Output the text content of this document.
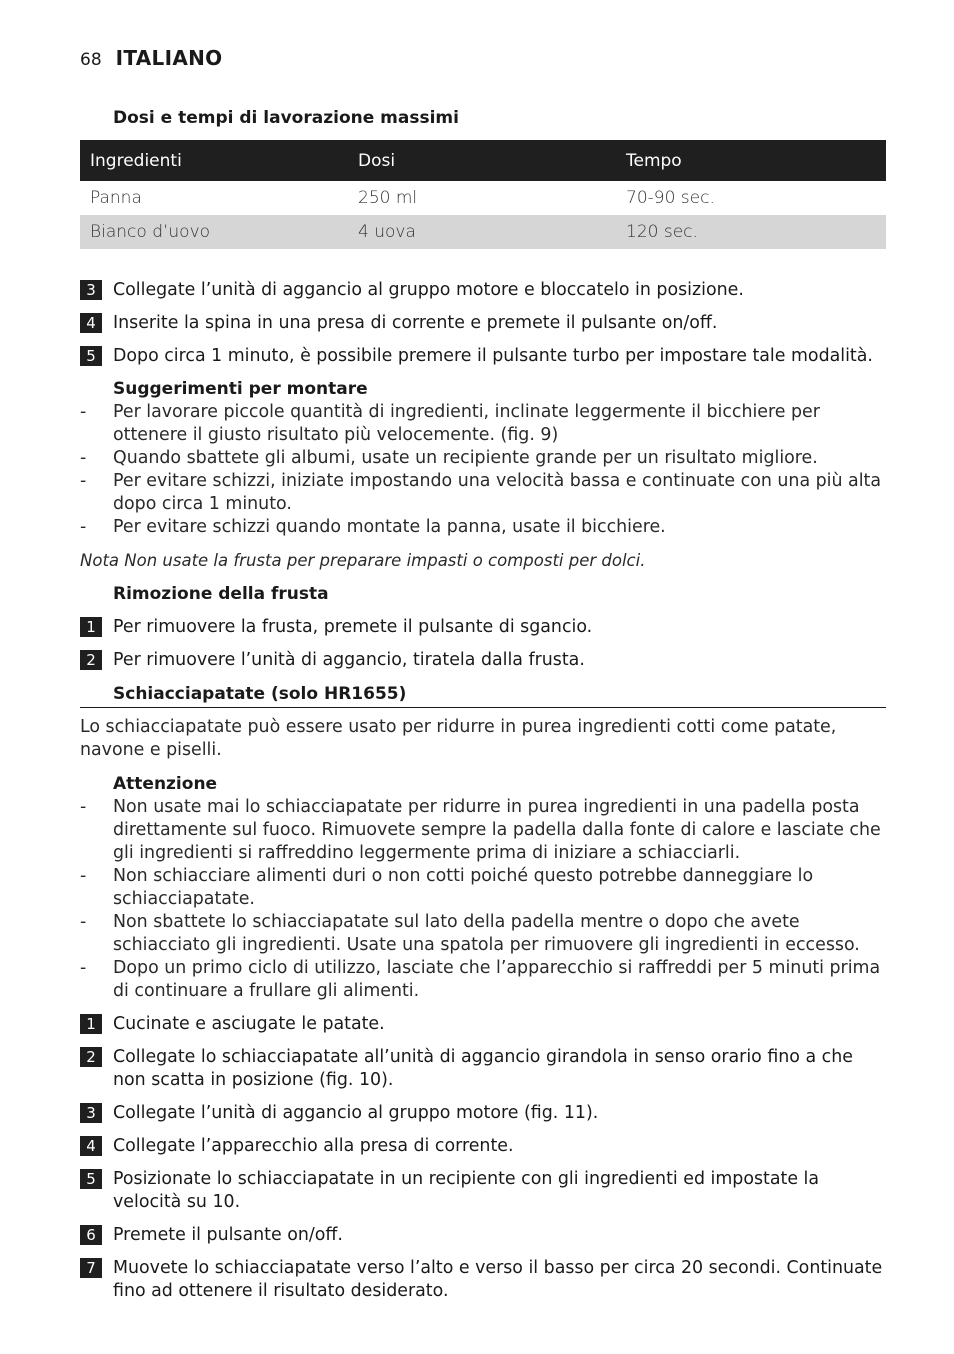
68 ITALIANO
Dosi e tempi di lavorazione massimi
Ingredienti	Dosi	Tempo
Panna	250 ml	70-90 sec.
Bianco d’uovo	4 uova	120 sec.
3 Collegate l’unità di aggancio al gruppo motore e bloccatelo in posizione.
4 Inserite la spina in una presa di corrente e premete il pulsante on/off.
5 Dopo circa 1 minuto, è possibile premere il pulsante turbo per impostare tale modalità.
Suggerimenti per montare
-	Per lavorare piccole quantità di ingredienti, inclinate leggermente il bicchiere per ottenere il giusto risultato più velocemente. (fig. 9)
-	Quando sbattete gli albumi, usate un recipiente grande per un risultato migliore.
-	Per evitare schizzi, iniziate impostando una velocità bassa e continuate con una più alta dopo circa 1 minuto.
-	Per evitare schizzi quando montate la panna, usate il bicchiere.
Nota Non usate la frusta per preparare impasti o composti per dolci.
Rimozione della frusta
1 Per rimuovere la frusta, premete il pulsante di sgancio.
2 Per rimuovere l’unità di aggancio, tiratela dalla frusta.
Schiacciapatate (solo HR1655)
Lo schiacciapatate può essere usato per ridurre in purea ingredienti cotti come patate, navone e piselli.
Attenzione
-	Non usate mai lo schiacciapatate per ridurre in purea ingredienti in una padella posta direttamente sul fuoco. Rimuovete sempre la padella dalla fonte di calore e lasciate che gli ingredienti si raffreddino leggermente prima di iniziare a schiacciarli.
-	Non schiacciare alimenti duri o non cotti poiché questo potrebbe danneggiare lo schiacciapatate.
-	Non sbattete lo schiacciapatate sul lato della padella mentre o dopo che avete schiacciato gli ingredienti. Usate una spatola per rimuovere gli ingredienti in eccesso.
-	Dopo un primo ciclo di utilizzo, lasciate che l’apparecchio si raffreddi per 5 minuti prima di continuare a frullare gli alimenti.
1 Cucinate e asciugate le patate.
2 Collegate lo schiacciapatate all’unità di aggancio girandola in senso orario fino a che non scatta in posizione (fig. 10).
3 Collegate l’unità di aggancio al gruppo motore (fig. 11).
4 Collegate l’apparecchio alla presa di corrente.
5 Posizionate lo schiacciapatate in un recipiente con gli ingredienti ed impostate la velocità su 10.
6 Premete il pulsante on/off.
7 Muovete lo schiacciapatate verso l’alto e verso il basso per circa 20 secondi. Continuate fino ad ottenere il risultato desiderato.
